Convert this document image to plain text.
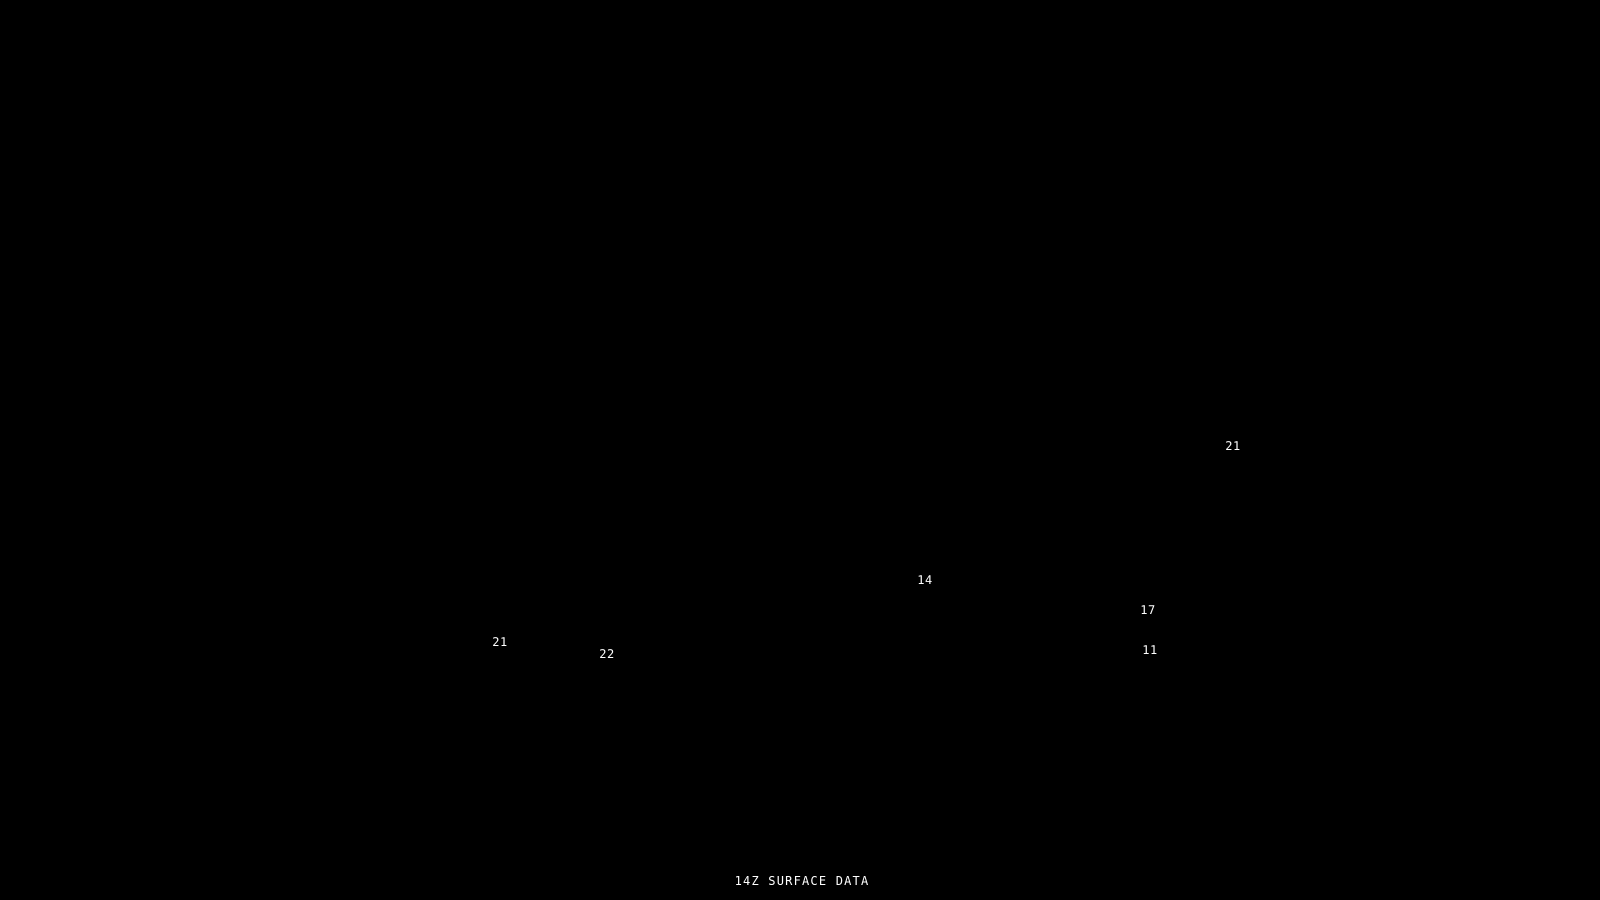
21
14
17
21
11
22
14Z SURFACE DATA
